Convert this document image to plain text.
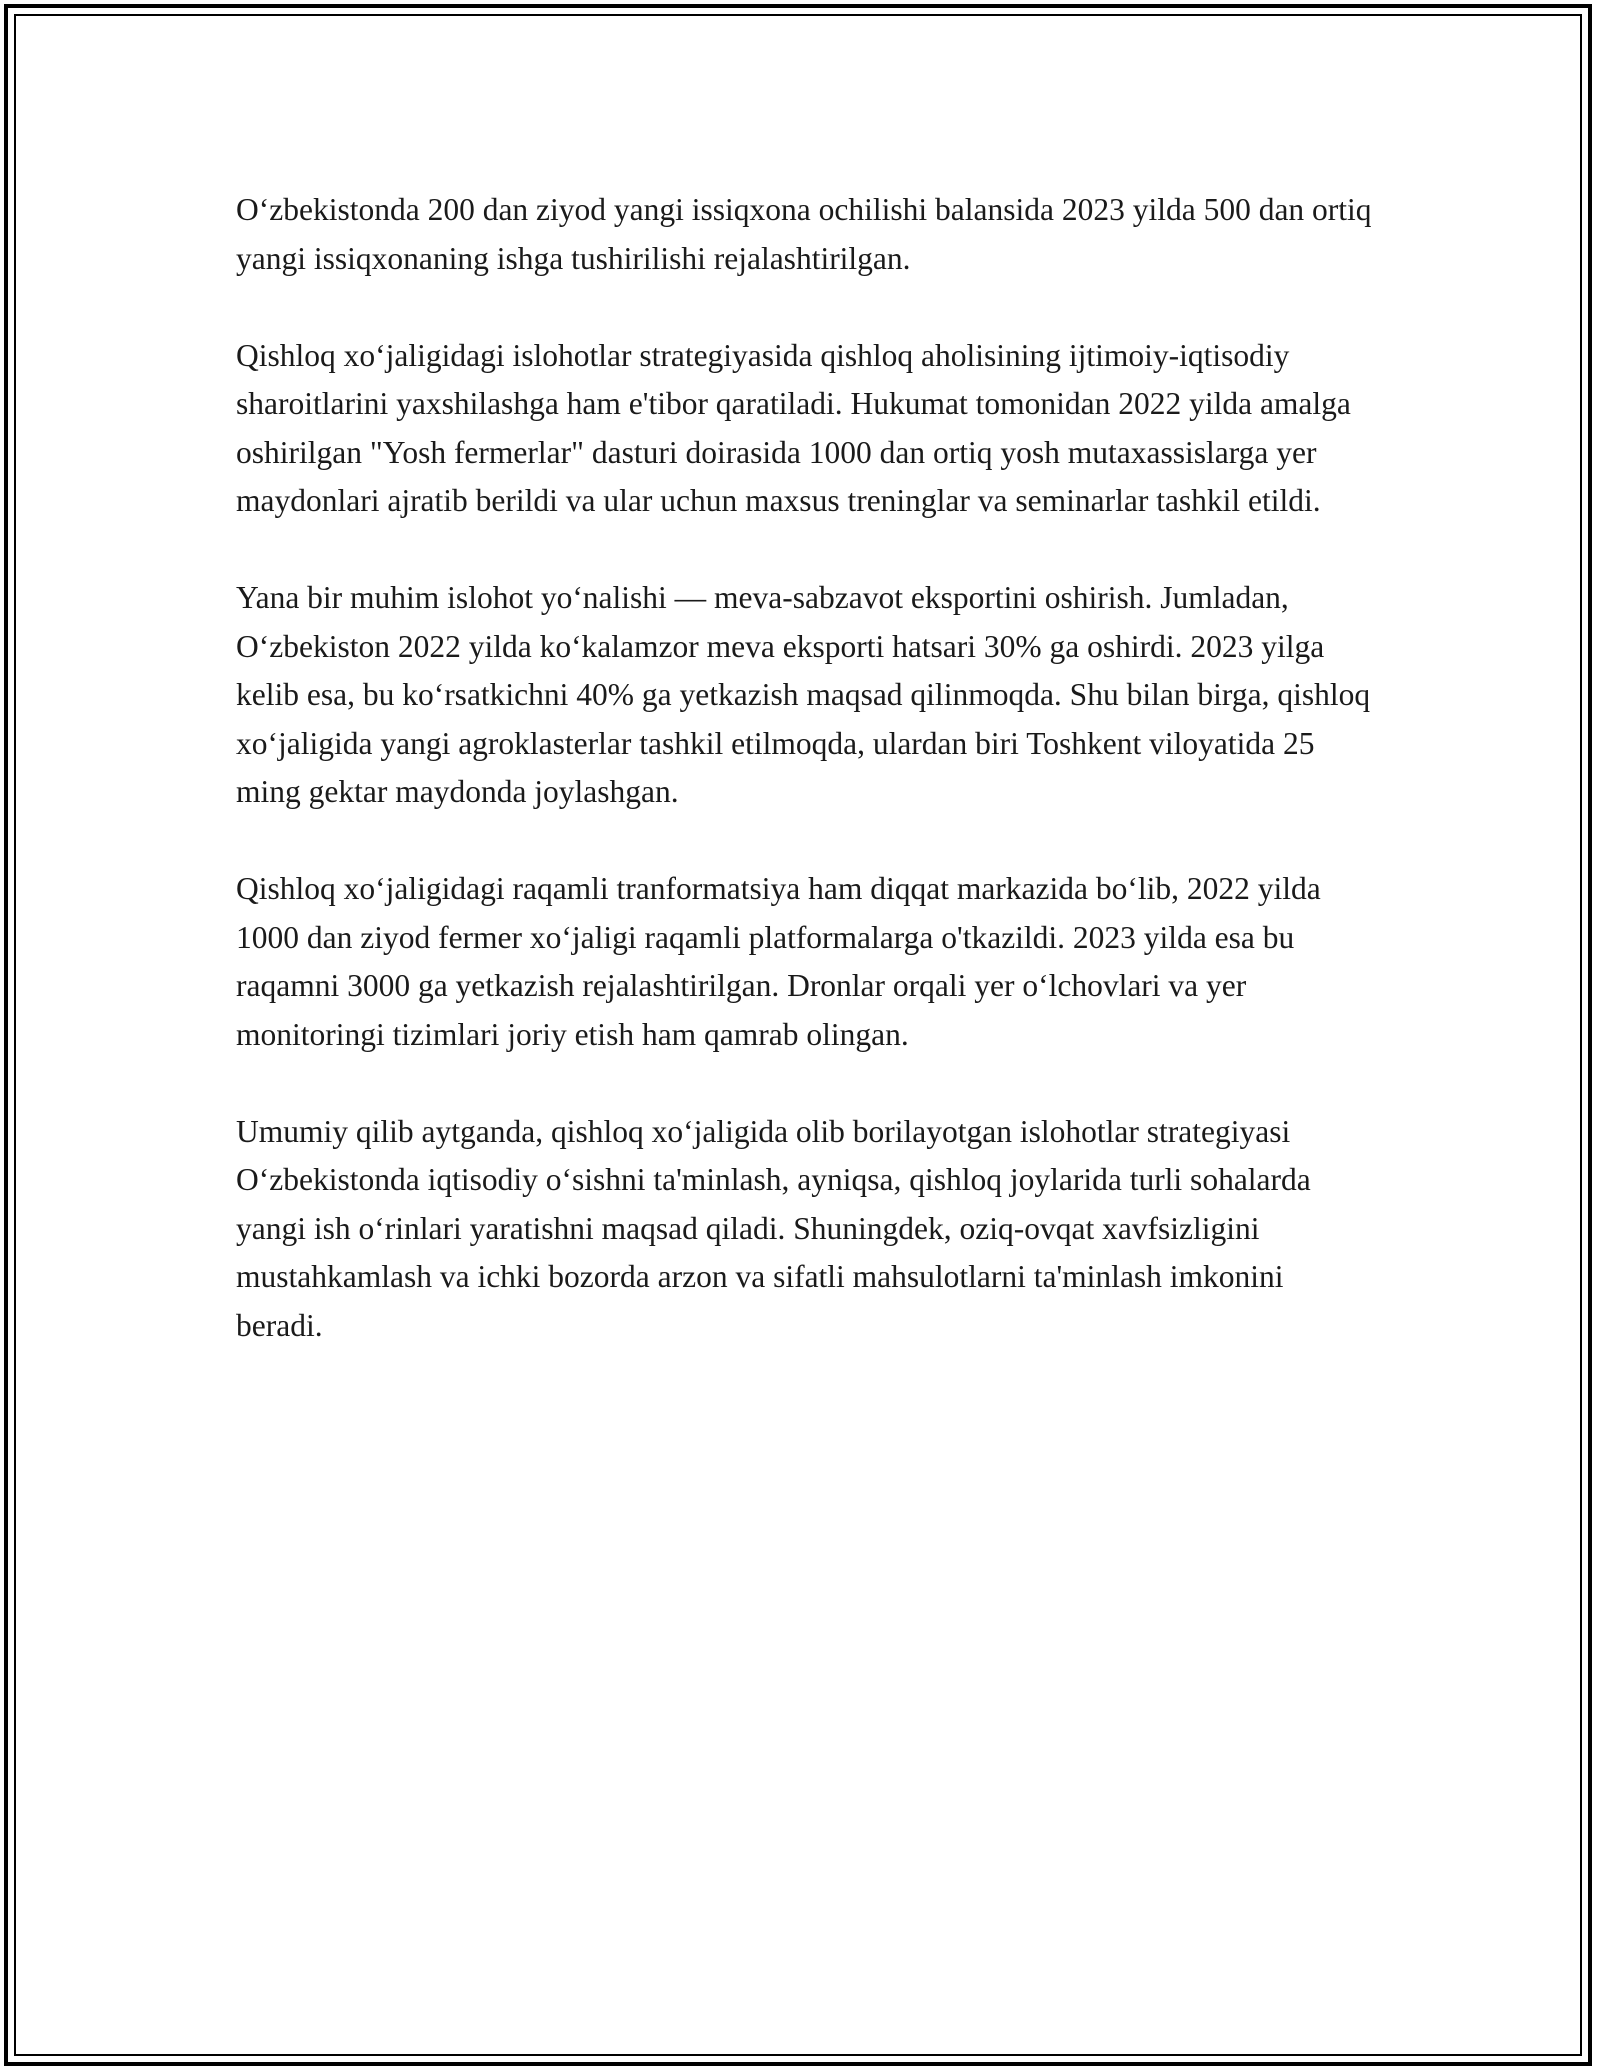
O‘zbekistonda 200 dan ziyod yangi issiqxona ochilishi balansida 2023 yilda 500 dan ortiq yangi issiqxonaning ishga tushirilishi rejalashtirilgan.

Qishloq xo‘jaligidagi islohotlar strategiyasida qishloq aholisining ijtimoiy-iqtisodiy sharoitlarini yaxshilashga ham e'tibor qaratiladi. Hukumat tomonidan 2022 yilda amalga oshirilgan "Yosh fermerlar" dasturi doirasida 1000 dan ortiq yosh mutaxassislarga yer maydonlari ajratib berildi va ular uchun maxsus treninglar va seminarlar tashkil etildi.

Yana bir muhim islohot yo‘nalishi — meva-sabzavot eksportini oshirish. Jumladan, O‘zbekiston 2022 yilda ko‘kalamzor meva eksporti hatsari 30% ga oshirdi. 2023 yilga kelib esa, bu ko‘rsatkichni 40% ga yetkazish maqsad qilinmoqda. Shu bilan birga, qishloq xo‘jaligida yangi agroklasterlar tashkil etilmoqda, ulardan biri Toshkent viloyatida 25 ming gektar maydonda joylashgan.

Qishloq xo‘jaligidagi raqamli tranformatsiya ham diqqat markazida bo‘lib, 2022 yilda 1000 dan ziyod fermer xo‘jaligi raqamli platformalarga o'tkazildi. 2023 yilda esa bu raqamni 3000 ga yetkazish rejalashtirilgan. Dronlar orqali yer o‘lchovlari va yer monitoringi tizimlari joriy etish ham qamrab olingan.

Umumiy qilib aytganda, qishloq xo‘jaligida olib borilayotgan islohotlar strategiyasi O‘zbekistonda iqtisodiy o‘sishni ta'minlash, ayniqsa, qishloq joylarida turli sohalarda yangi ish o‘rinlari yaratishni maqsad qiladi. Shuningdek, oziq-ovqat xavfsizligini mustahkamlash va ichki bozorda arzon va sifatli mahsulotlarni ta'minlash imkonini beradi.
